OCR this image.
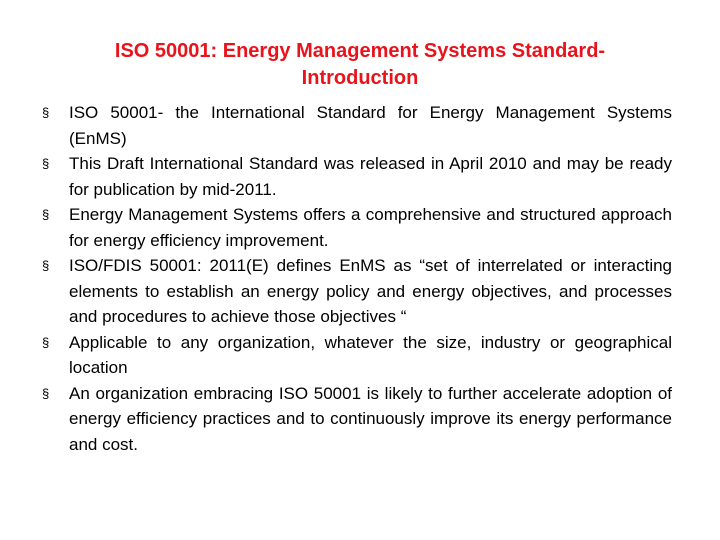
ISO 50001: Energy Management Systems Standard-
Introduction
§	ISO 50001- the International Standard for Energy Management Systems (EnMS)
§	This Draft International Standard was released in April 2010 and may be ready for publication by mid-2011.
§	Energy Management Systems offers a comprehensive and structured approach for energy efficiency improvement.
§	ISO/FDIS 50001: 2011(E) defines EnMS as “set of interrelated or interacting elements to establish an energy policy and energy objectives, and processes and procedures to achieve those objectives “
§	Applicable to any organization, whatever the size, industry or geographical location
§	An organization embracing ISO 50001 is likely to further accelerate adoption of energy efficiency practices and to continuously improve its energy performance and cost.
